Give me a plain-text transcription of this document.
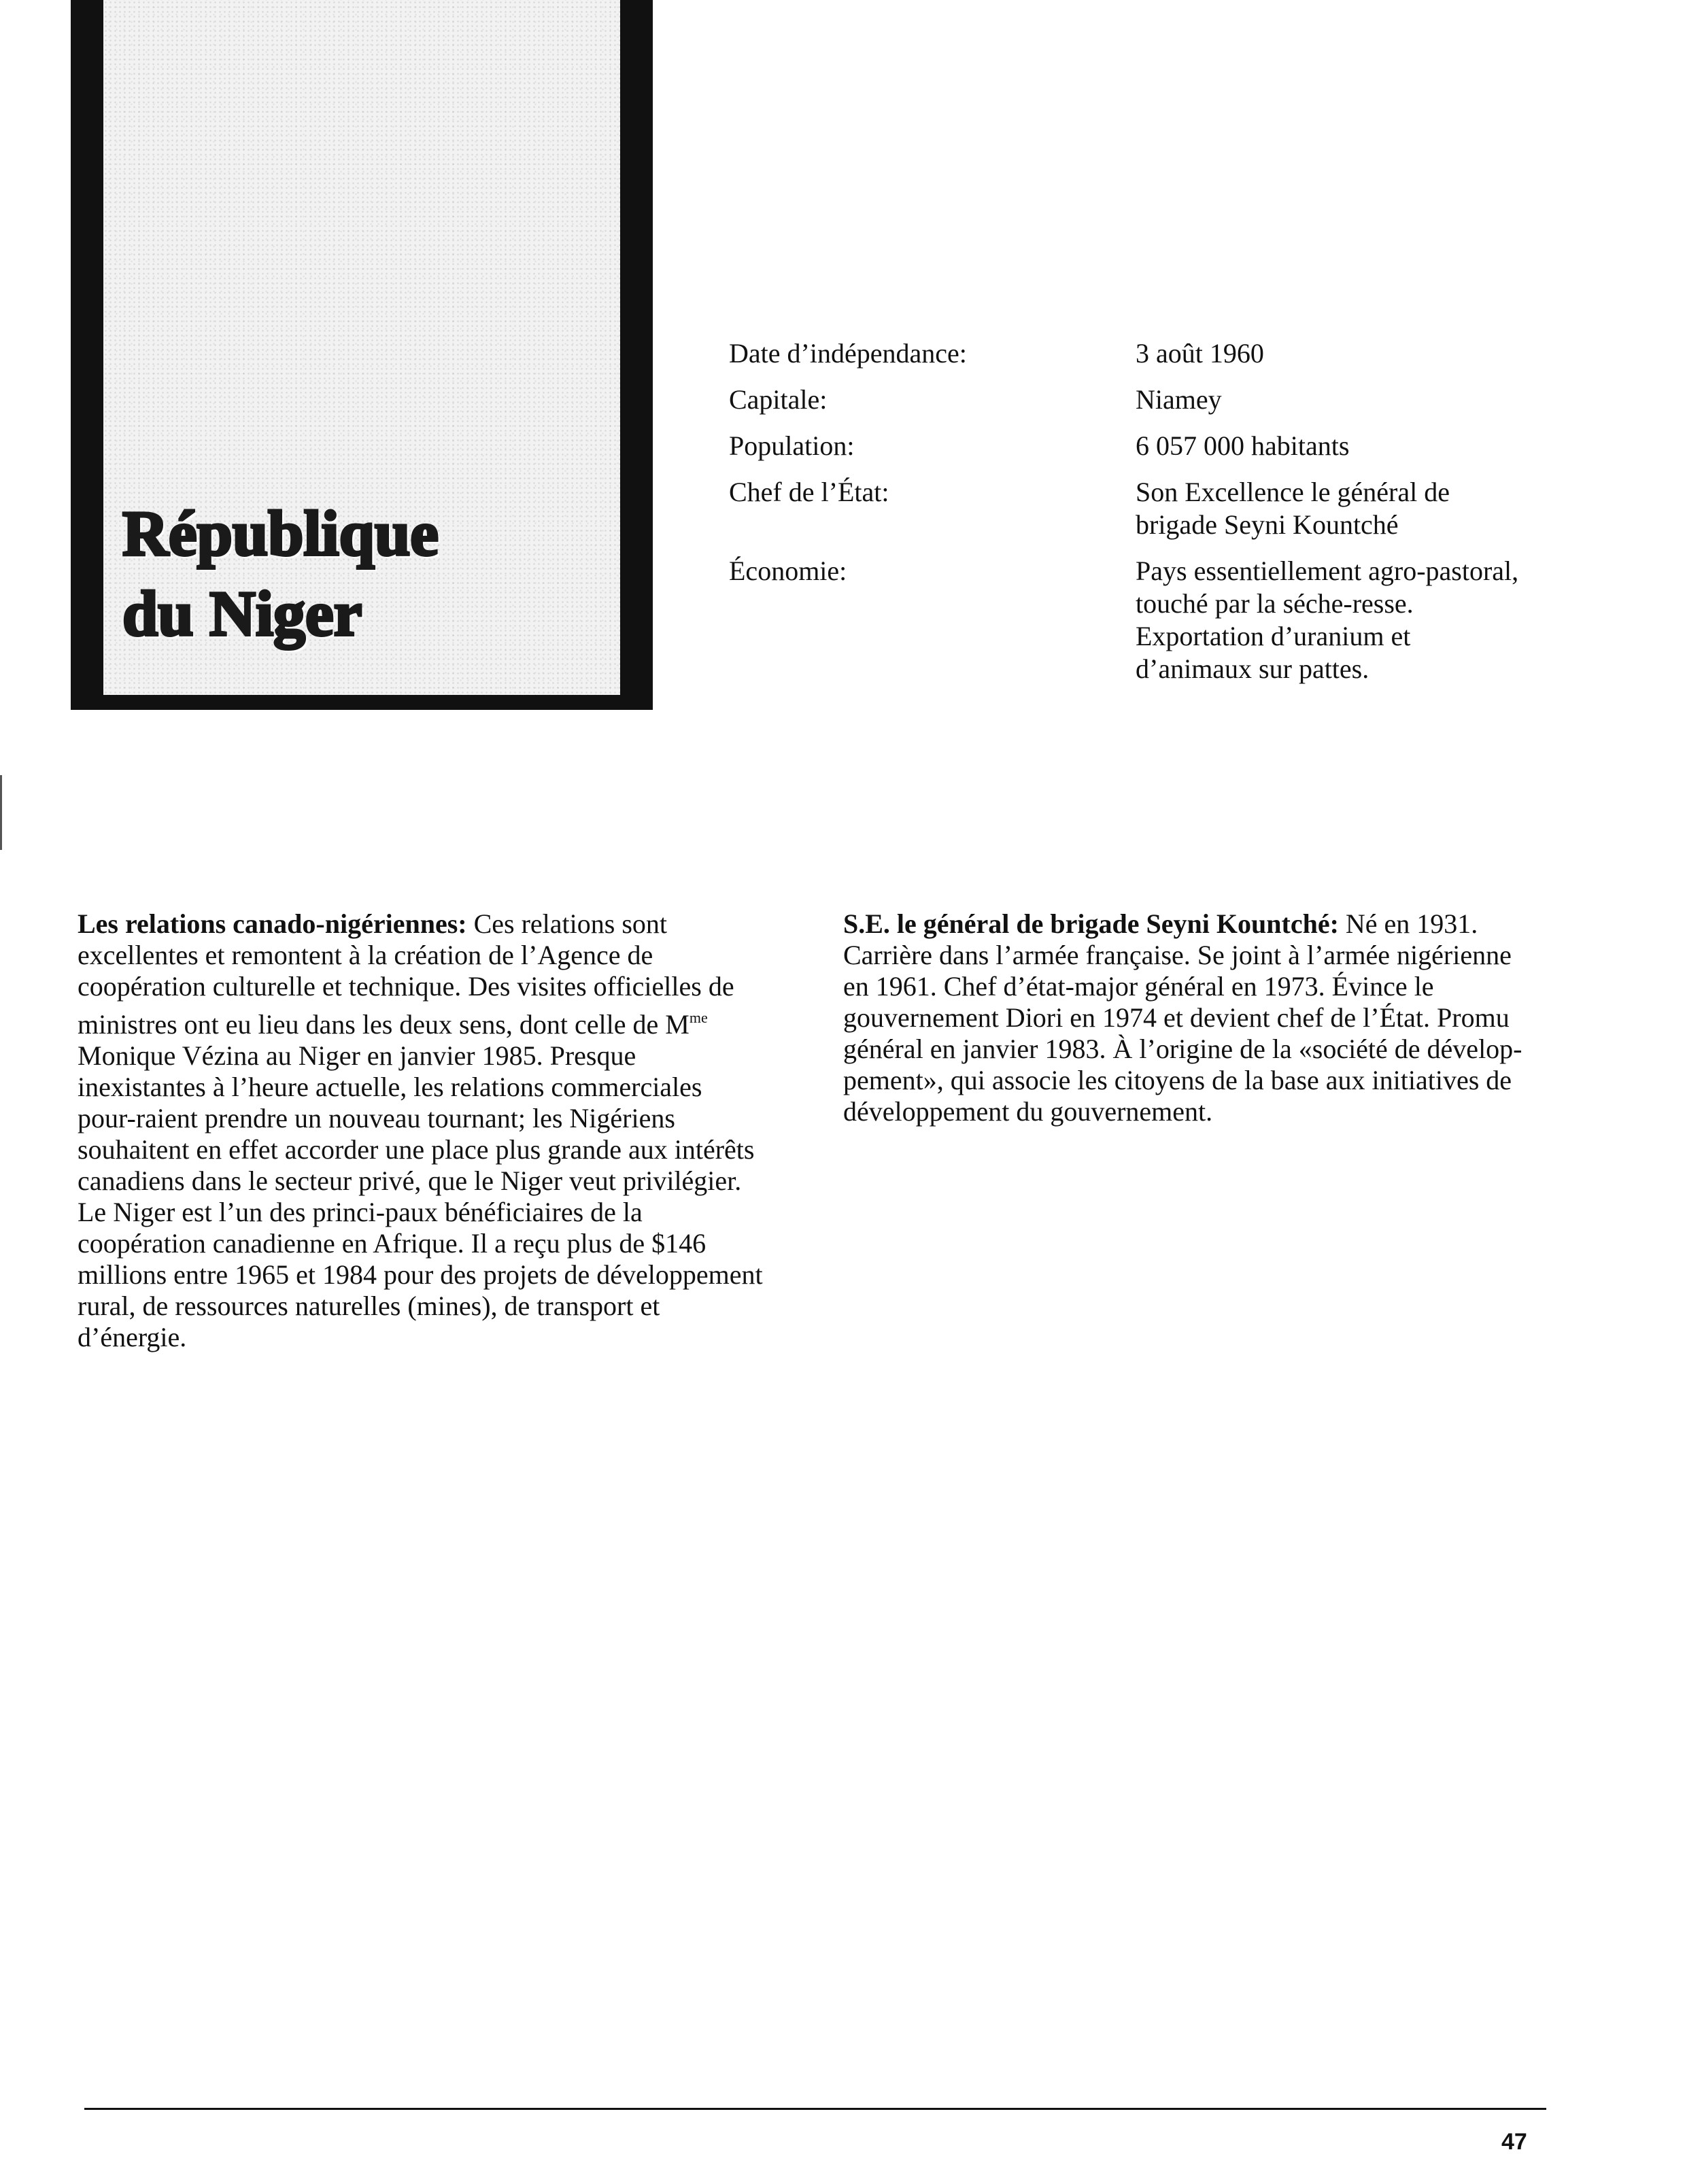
République
du Niger
Date d’indépendance:	3 août 1960
Capitale:	Niamey
Population:	6 057 000 habitants
Chef de l’État:	Son Excellence le général de brigade Seyni Kountché
Économie:	Pays essentiellement agro-pastoral, touché par la séche-resse. Exportation d’uranium et d’animaux sur pattes.

Les relations canado-nigériennes: Ces relations sont excellentes et remontent à la création de l’Agence de coopération culturelle et technique. Des visites officielles de ministres ont eu lieu dans les deux sens, dont celle de $M^{me}$ Monique Vézina au Niger en janvier 1985. Presque inexistantes à l’heure actuelle, les relations commerciales pour-raient prendre un nouveau tournant; les Nigériens souhaitent en effet accorder une place plus grande aux intérêts canadiens dans le secteur privé, que le Niger veut privilégier. Le Niger est l’un des princi-paux bénéficiaires de la coopération canadienne en Afrique. Il a reçu plus de $146 millions entre 1965 et 1984 pour des projets de développement rural, de ressources naturelles (mines), de transport et d’énergie.

S.E. le général de brigade Seyni Kountché: Né en 1931. Carrière dans l’armée française. Se joint à l’armée nigérienne en 1961. Chef d’état-major général en 1973. Évince le gouvernement Diori en 1974 et devient chef de l’État. Promu général en janvier 1983. À l’origine de la «société de dévelop-pement», qui associe les citoyens de la base aux initiatives de développement du gouvernement.

47
